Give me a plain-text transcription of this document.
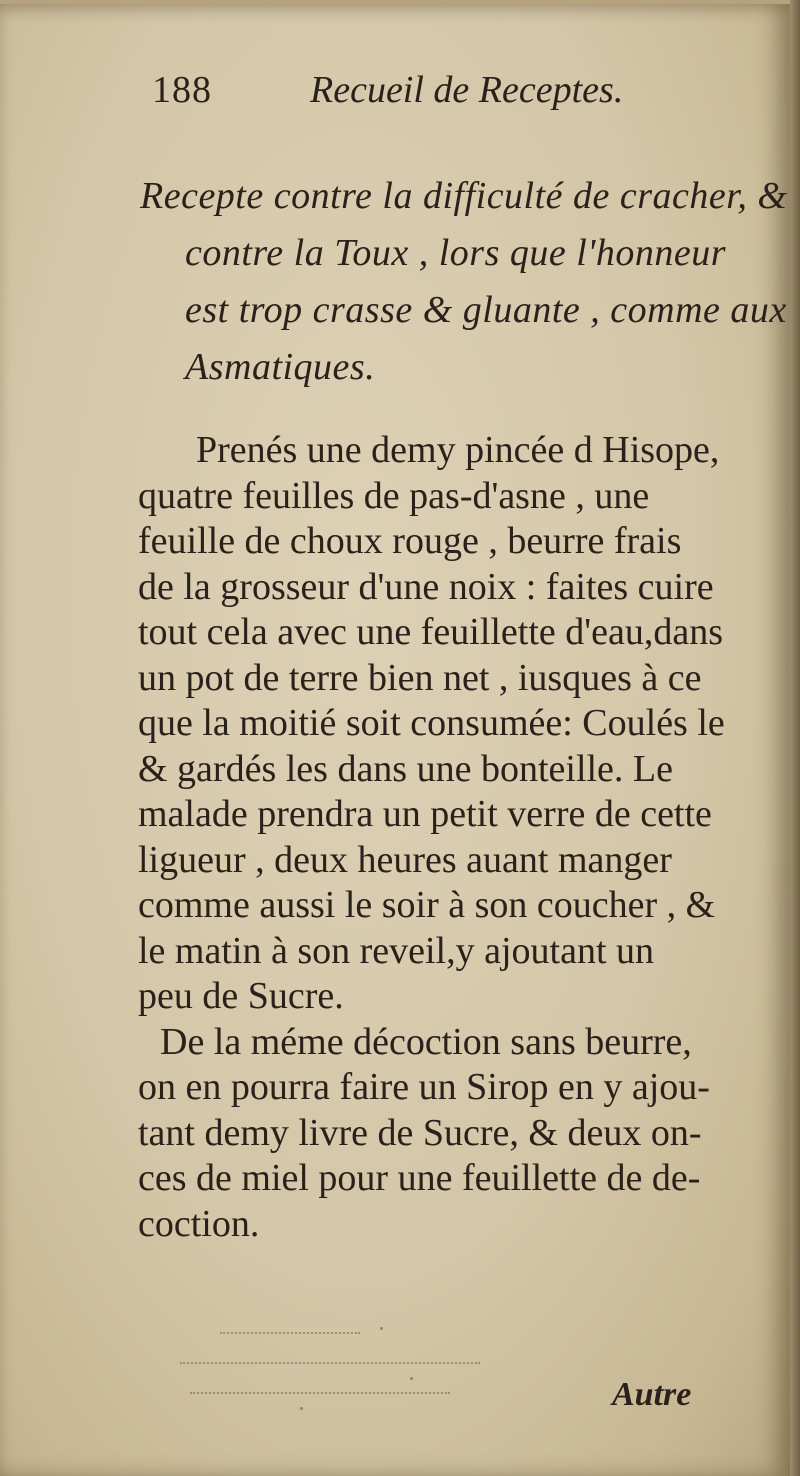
188	Recueil de Receptes.
Recepte contre la difficulté de cracher, &
contre la Toux , lors que l'honneur
est trop crasse & gluante , comme aux
Asmatiques.
Prenés une demy pincée d Hisope,
quatre feuilles de pas-d'asne , une
feuille de choux rouge , beurre frais
de la grosseur d'une noix : faites cuire
tout cela avec une feuillette d'eau,dans
un pot de terre bien net , iusques à ce
que la moitié soit consumée: Coulés le
& gardés les dans une bonteille. Le
malade prendra un petit verre de cette
ligueur , deux heures auant manger
comme aussi le soir à son coucher , &
le matin à son reveil,y ajoutant un
peu de Sucre.
De la méme décoction sans beurre,
on en pourra faire un Sirop en y ajou-
tant demy livre de Sucre, & deux on-
ces de miel pour une feuillette de de-
coction.
Autre
